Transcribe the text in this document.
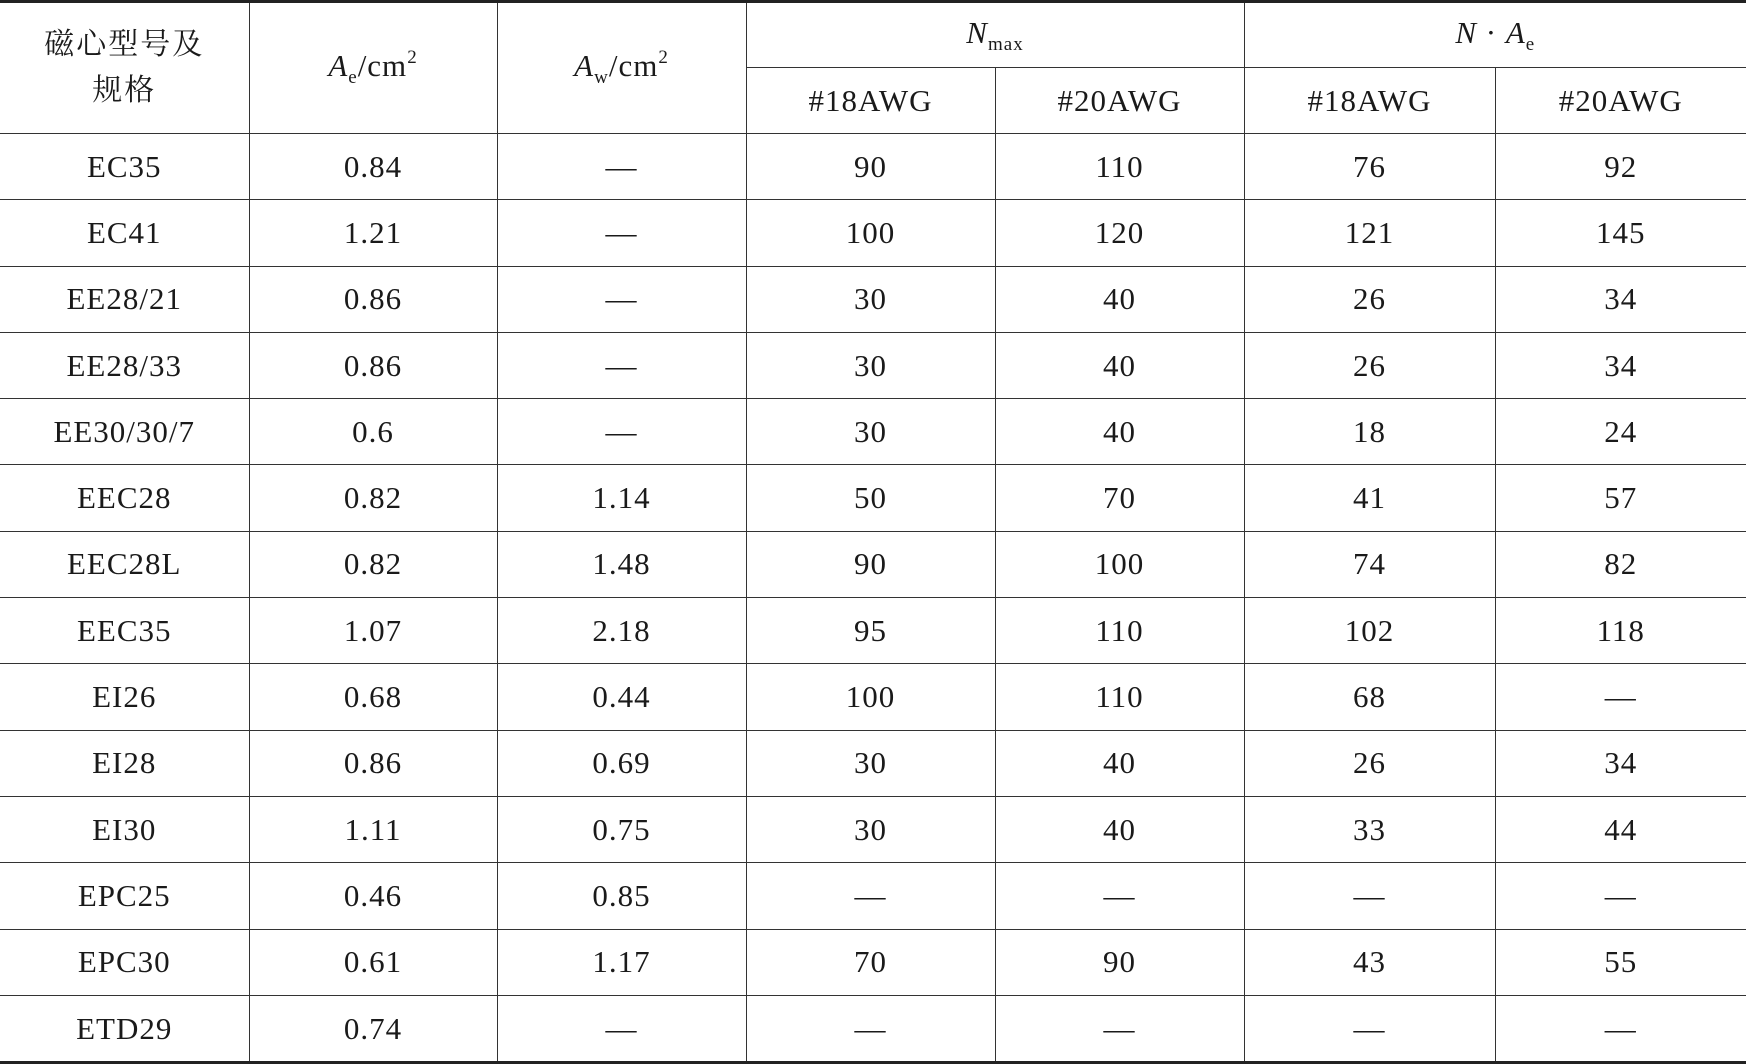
磁心型号及
规格	$A_e/cm^2$	$A_w/cm^2$	$N_{max}$		$N \cdot A_e$
			#18AWG	#20AWG	#18AWG	#20AWG
EC35	0.84	—	90	110	76	92
EC41	1.21	—	100	120	121	145
EE28/21	0.86	—	30	40	26	34
EE28/33	0.86	—	30	40	26	34
EE30/30/7	0.6	—	30	40	18	24
EEC28	0.82	1.14	50	70	41	57
EEC28L	0.82	1.48	90	100	74	82
EEC35	1.07	2.18	95	110	102	118
EI26	0.68	0.44	100	110	68	—
EI28	0.86	0.69	30	40	26	34
EI30	1.11	0.75	30	40	33	44
EPC25	0.46	0.85	—	—	—	—
EPC30	0.61	1.17	70	90	43	55
ETD29	0.74	—	—	—	—	—
